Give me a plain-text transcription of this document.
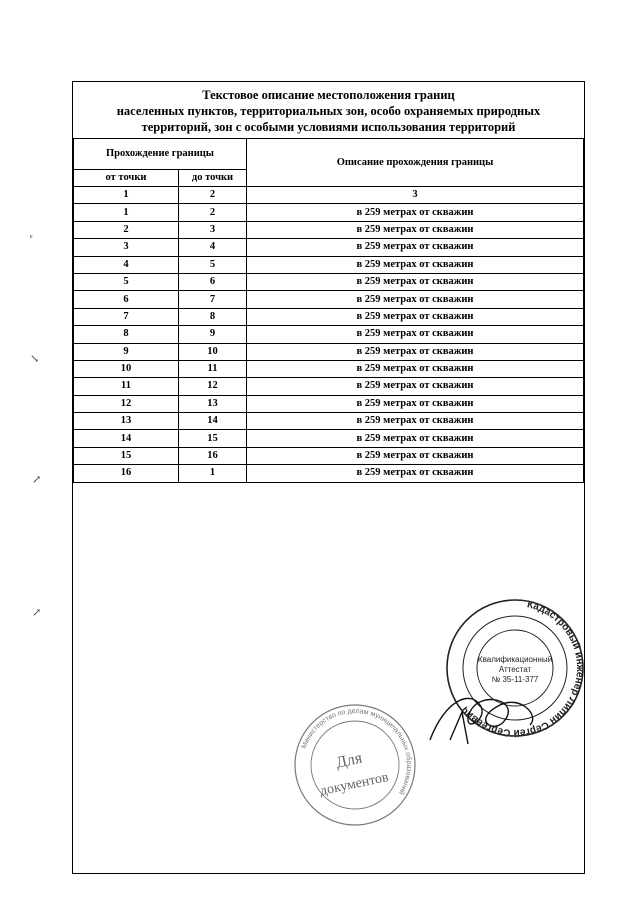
Текстовое описание местоположения границ
населенных пунктов, территориальных зон, особо охраняемых природных
территорий, зон с особыми условиями использования территорий
Прохождение границы		Описание прохождения границы
от точки	до точки	
1	2	3
1	2	в 259 метрах от скважин
2	3	в 259 метрах от скважин
3	4	в 259 метрах от скважин
4	5	в 259 метрах от скважин
5	6	в 259 метрах от скважин
6	7	в 259 метрах от скважин
7	8	в 259 метрах от скважин
8	9	в 259 метрах от скважин
9	10	в 259 метрах от скважин
10	11	в 259 метрах от скважин
11	12	в 259 метрах от скважин
12	13	в 259 метрах от скважин
13	14	в 259 метрах от скважин
14	15	в 259 метрах от скважин
15	16	в 259 метрах от скважин
16	1	в 259 метрах от скважин
ᵋ
↘
↗
↗
Кадастровый инженер Липин Сергей Сергеевич
Квалификационный
Аттестат
№ 35-11-377
Министерство по делам муниципальных образований
Для
документов
